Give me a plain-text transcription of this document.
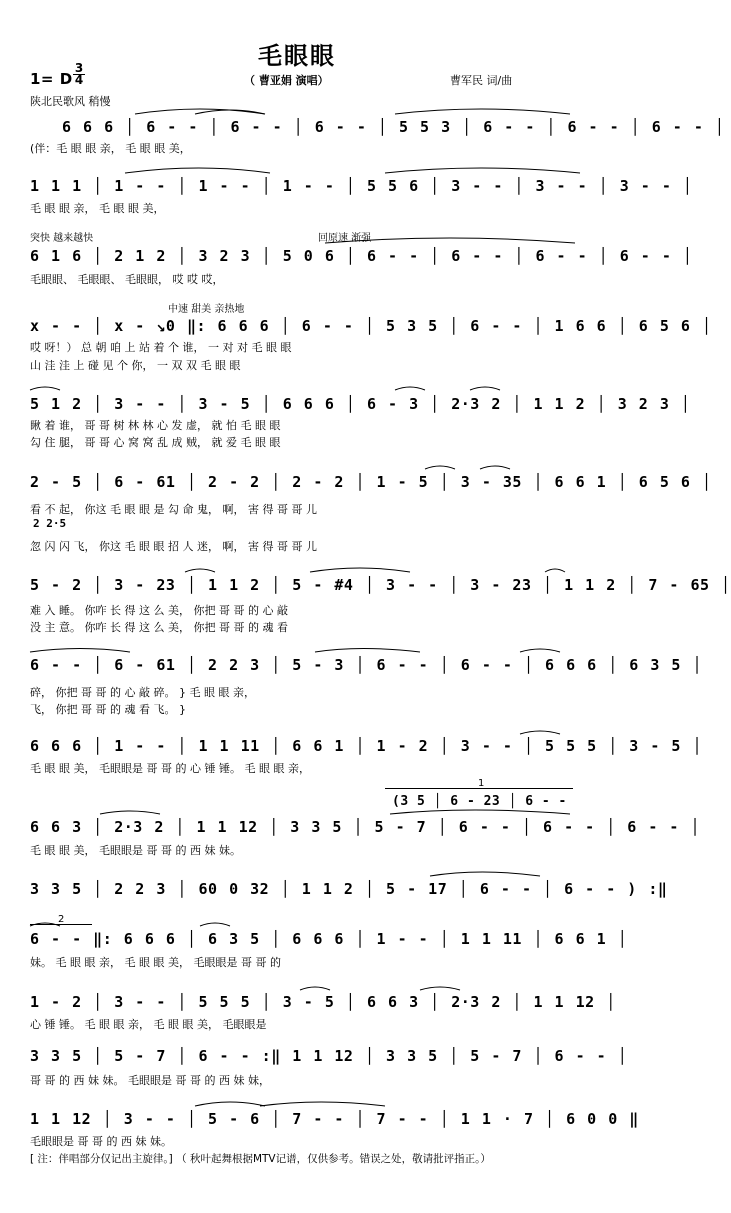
毛眼眼
1= D
3
4	（ 曹亚娟 演唱）	曹军民 词/曲
陕北民歌风 稍慢
6 6 6 │ 6 - - │ 6 - - │ 6 - - │ 5 5 3 │ 6 - - │ 6 - - │ 6 - - │
(伴：毛 眼 眼 亲， 毛 眼 眼 美，
1 1 1 │ 1 - - │ 1 - - │ 1 - - │ 5 5 6 │ 3 - - │ 3 - - │ 3 - - │
毛 眼 眼 亲， 毛 眼 眼 美，
突快 越来越快	回原速 渐强
6 1 6 │ 2 1 2 │ 3 2 3 │ 5 0 6 │ 6 - - │ 6 - - │ 6 - - │ 6 - - │
毛眼眼、 毛眼眼、 毛眼眼， 哎 哎 哎，
中速 甜美 亲热地
x - - │ x - ↘0 ‖: 6 6 6 │ 6 - - │ 5 3 5 │ 6 - - │ 1 6 6 │ 6 5 6 │
哎 呀！） 总 朝 咱 上 站 着 个 谁， 一 对 对 毛 眼 眼
山 洼 洼 上 碰 见 个 你， 一 双 双 毛 眼 眼
5 1 2 │ 3 - - │ 3 - 5 │ 6 6 6 │ 6 - 3 │ 2·3 2 │ 1 1 2 │ 3 2 3 │
瞅 着 谁， 哥 哥 树 林 林 心 发 虚， 就 怕 毛 眼 眼
勾 住 腿， 哥 哥 心 窝 窝 乱 成 贼， 就 爱 毛 眼 眼
2 - 5 │ 6 - 61 │ 2 - 2 │ 2 - 2 │ 1 - 5 │ 3 - 35 │ 6 6 1 │ 6 5 6 │
看 不 起， 你这 毛 眼 眼 是 勾 命 鬼， 啊， 害 得 哥 哥 儿
2 2·5
忽 闪 闪 飞， 你这 毛 眼 眼 招 人 迷， 啊， 害 得 哥 哥 儿
5 - 2 │ 3 - 23 │ 1 1 2 │ 5 - #4 │ 3 - - │ 3 - 23 │ 1 1 2 │ 7 - 65 │
难 入 睡。 你咋 长 得 这 么 美， 你把 哥 哥 的 心 敲
没 主 意。 你咋 长 得 这 么 美， 你把 哥 哥 的 魂 看
6 - - │ 6 - 61 │ 2 2 3 │ 5 - 3 │ 6 - - │ 6 - - │ 6 6 6 │ 6 3 5 │
碎， 你把 哥 哥 的 心 敲 碎。 } 毛 眼 眼 亲，
飞， 你把 哥 哥 的 魂 看 飞。 }
6 6 6 │ 1 - - │ 1 1 11 │ 6 6 1 │ 1 - 2 │ 3 - - │ 5 5 5 │ 3 - 5 │
毛 眼 眼 美， 毛眼眼是 哥 哥 的 心 锤 锤。 毛 眼 眼 亲，
1
(3 5 │ 6 - 23 │ 6 - -
6 6 3 │ 2·3 2 │ 1 1 12 │ 3 3 5 │ 5 - 7 │ 6 - - │ 6 - - │ 6 - - │
毛 眼 眼 美， 毛眼眼是 哥 哥 的 西 妹 妹。
3 3 5 │ 2 2 3 │ 60 0 32 │ 1 1 2 │ 5 - 17 │ 6 - - │ 6 - - ) :‖
2
6 - - ‖: 6 6 6 │ 6 3 5 │ 6 6 6 │ 1 - - │ 1 1 11 │ 6 6 1 │
妹。 毛 眼 眼 亲， 毛 眼 眼 美， 毛眼眼是 哥 哥 的
1 - 2 │ 3 - - │ 5 5 5 │ 3 - 5 │ 6 6 3 │ 2·3 2 │ 1 1 12 │
心 锤 锤。 毛 眼 眼 亲， 毛 眼 眼 美， 毛眼眼是
3 3 5 │ 5 - 7 │ 6 - - :‖ 1 1 12 │ 3 3 5 │ 5 - 7 │ 6 - - │
哥 哥 的 西 妹 妹。 毛眼眼是 哥 哥 的 西 妹 妹，
1 1 12 │ 3 - - │ 5 - 6 │ 7 - - │ 7 - - │ 1 1 · 7 │ 6 0 0 ‖
毛眼眼是 哥 哥 的 西 妹 妹。
[ 注：伴唱部分仅记出主旋律。] （ 秋叶起舞根据MTV记谱，仅供参考。错误之处，敬请批评指正。）
